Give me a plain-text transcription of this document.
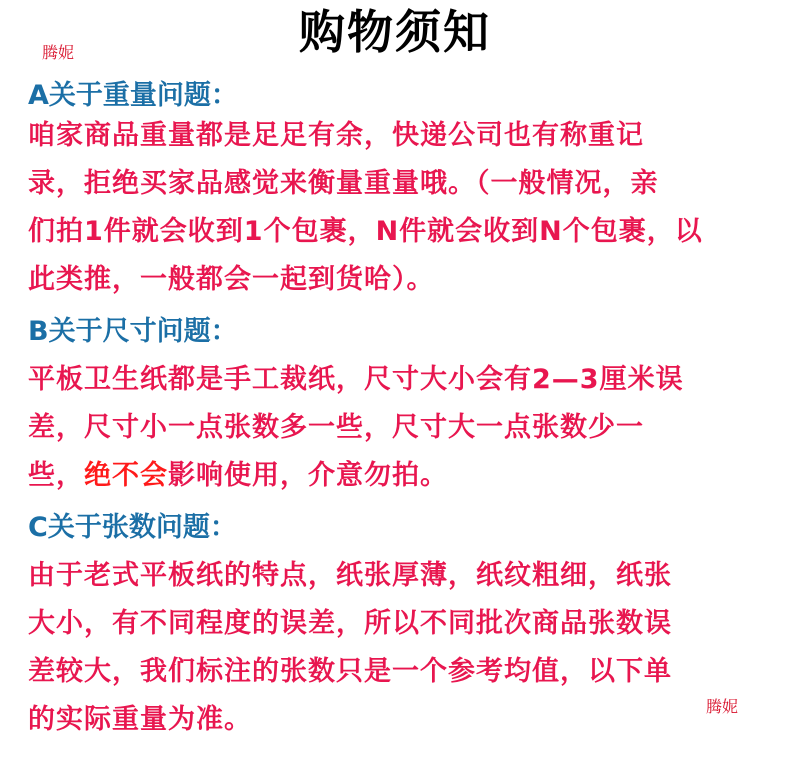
购物须知
腾妮
A关于重量问题：
咱家商品重量都是足足有余，快递公司也有称重记
录，拒绝买家品感觉来衡量重量哦。（一般情况，亲
们拍1件就会收到1个包裹，N件就会收到N个包裹，以
此类推，一般都会一起到货哈）。
B关于尺寸问题：
平板卫生纸都是手工裁纸，尺寸大小会有2—3厘米误
差，尺寸小一点张数多一些，尺寸大一点张数少一
些，绝不会影响使用，介意勿拍。
C关于张数问题：
由于老式平板纸的特点，纸张厚薄，纸纹粗细，纸张
大小，有不同程度的误差，所以不同批次商品张数误
差较大，我们标注的张数只是一个参考均值，以下单
的实际重量为准。	腾妮
